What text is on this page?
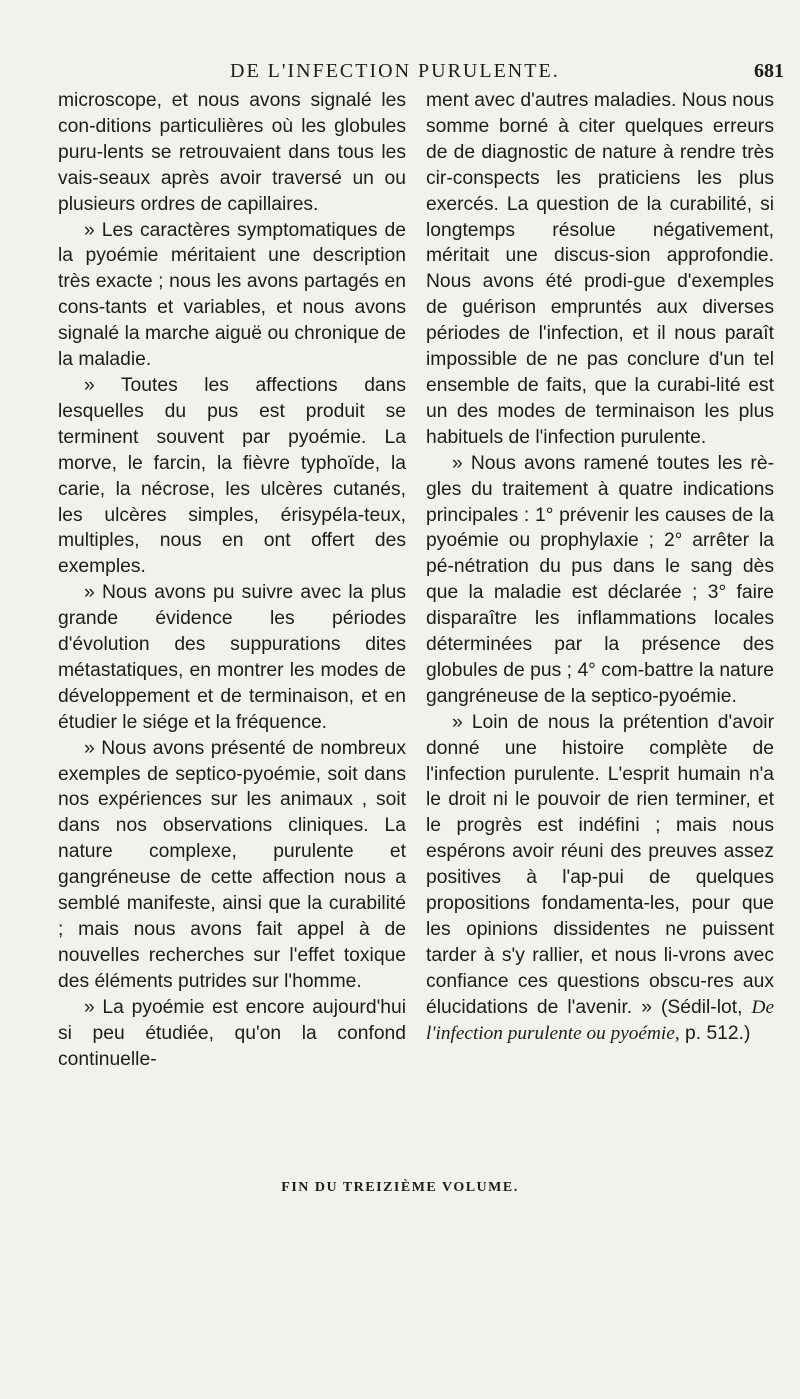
DE L'INFECTION PURULENTE.	681

microscope, et nous avons signalé les con-ditions particulières où les globules puru-lents se retrouvaient dans tous les vais-seaux après avoir traversé un ou plusieurs ordres de capillaires.

» Les caractères symptomatiques de la pyoémie méritaient une description très exacte ; nous les avons partagés en cons-tants et variables, et nous avons signalé la marche aiguë ou chronique de la maladie.

» Toutes les affections dans lesquelles du pus est produit se terminent souvent par pyoémie. La morve, le farcin, la fièvre typhoïde, la carie, la nécrose, les ulcères cutanés, les ulcères simples, érisypéla-teux, multiples, nous en ont offert des exemples.

» Nous avons pu suivre avec la plus grande évidence les périodes d'évolution des suppurations dites métastatiques, en montrer les modes de développement et de terminaison, et en étudier le siége et la fréquence.

» Nous avons présenté de nombreux exemples de septico-pyoémie, soit dans nos expériences sur les animaux , soit dans nos observations cliniques. La nature complexe, purulente et gangréneuse de cette affection nous a semblé manifeste, ainsi que la curabilité ; mais nous avons fait appel à de nouvelles recherches sur l'effet toxique des éléments putrides sur l'homme.

» La pyoémie est encore aujourd'hui si peu étudiée, qu'on la confond continuelle-

ment avec d'autres maladies. Nous nous somme borné à citer quelques erreurs de de diagnostic de nature à rendre très cir-conspects les praticiens les plus exercés. La question de la curabilité, si longtemps résolue négativement, méritait une discus-sion approfondie. Nous avons été prodi-gue d'exemples de guérison empruntés aux diverses périodes de l'infection, et il nous paraît impossible de ne pas conclure d'un tel ensemble de faits, que la curabi-lité est un des modes de terminaison les plus habituels de l'infection purulente.

» Nous avons ramené toutes les rè-gles du traitement à quatre indications principales : 1° prévenir les causes de la pyoémie ou prophylaxie ; 2° arrêter la pé-nétration du pus dans le sang dès que la maladie est déclarée ; 3° faire disparaître les inflammations locales déterminées par la présence des globules de pus ; 4° com-battre la nature gangréneuse de la septico-pyoémie.

» Loin de nous la prétention d'avoir donné une histoire complète de l'infection purulente. L'esprit humain n'a le droit ni le pouvoir de rien terminer, et le progrès est indéfini ; mais nous espérons avoir réuni des preuves assez positives à l'ap-pui de quelques propositions fondamenta-les, pour que les opinions dissidentes ne puissent tarder à s'y rallier, et nous li-vrons avec confiance ces questions obscu-res aux élucidations de l'avenir. » (Sédil-lot, De l'infection purulente ou pyoémie, p. 512.)

FIN DU TREIZIÈME VOLUME.
